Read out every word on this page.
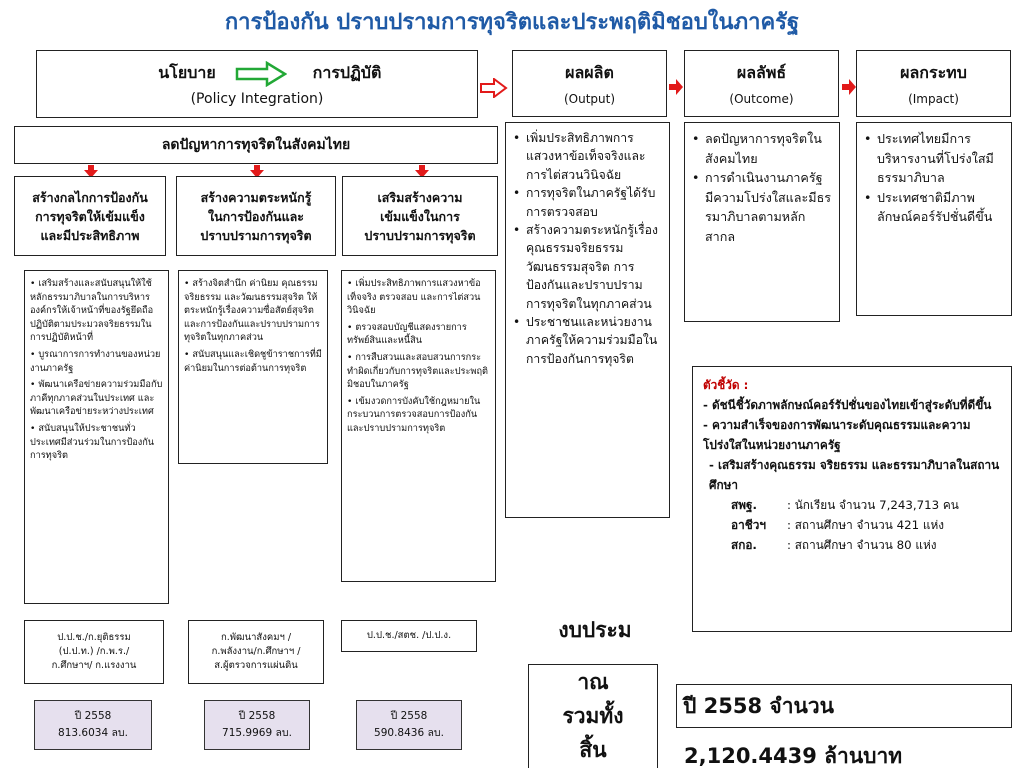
การป้องกัน ปราบปรามการทุจริตและประพฤติมิชอบในภาครัฐ
นโยบาย	การปฏิบัติ
(Policy Integration)
ผลผลิต
(Output)
ผลลัพธ์
(Outcome)
ผลกระทบ
(Impact)
ลดปัญหาการทุจริตในสังคมไทย
สร้างกลไกการป้องกัน
การทุจริตให้เข้มแข็ง
และมีประสิทธิภาพ
สร้างความตระหนักรู้
ในการป้องกันและ
ปราบปรามการทุจริต
เสริมสร้างความ
เข้มแข็งในการ
ปราบปรามการทุจริต
• เสริมสร้างและสนับสนุนให้ใช้หลักธรรมาภิบาลในการบริหารองค์กรให้เจ้าหน้าที่ของรัฐยึดถือปฏิบัติตามประมวลจริยธรรมในการปฏิบัติหน้าที่
• บูรณาการการทำงานของหน่วยงานภาครัฐ
• พัฒนาเครือข่ายความร่วมมือกับภาคีทุกภาคส่วนในประเทศ และพัฒนาเครือข่ายระหว่างประเทศ
• สนับสนุนให้ประชาชนทั่วประเทศมีส่วนร่วมในการป้องกันการทุจริต
• สร้างจิตสำนึก ค่านิยม คุณธรรม จริยธรรม และวัฒนธรรมสุจริต ให้ตระหนักรู้เรื่องความซื่อสัตย์สุจริตและการป้องกันและปราบปรามการทุจริตในทุกภาคส่วน
• สนับสนุนและเชิดชูข้าราชการที่มีค่านิยมในการต่อต้านการทุจริต
• เพิ่มประสิทธิภาพการแสวงหาข้อเท็จจริง ตรวจสอบ และการไต่สวนวินิจฉัย
• ตรวจสอบบัญชีแสดงรายการทรัพย์สินและหนี้สิน
• การสืบสวนและสอบสวนการกระทำผิดเกี่ยวกับการทุจริตและประพฤติมิชอบในภาครัฐ
• เข้มงวดการบังคับใช้กฎหมายในกระบวนการตรวจสอบการป้องกันและปราบปรามการทุจริต
ป.ป.ช./ก.ยุติธรรม
(ป.ป.ท.) /ก.พ.ร./
ก.ศึกษาฯ/ ก.แรงงาน
ก.พัฒนาสังคมฯ /
ก.พลังงาน/ก.ศึกษาฯ /
ส.ผู้ตรวจการแผ่นดิน
ป.ป.ช./สตช. /ป.ป.ง.
ปี 2558
813.6034 ลบ.
ปี 2558
715.9969 ลบ.
ปี 2558
590.8436 ลบ.
• เพิ่มประสิทธิภาพการแสวงหาข้อเท็จจริงและการไต่สวนวินิจฉัย
• การทุจริตในภาครัฐได้รับการตรวจสอบ
• สร้างความตระหนักรู้เรื่องคุณธรรมจริยธรรม วัฒนธรรมสุจริต การป้องกันและปราบปรามการทุจริตในทุกภาคส่วน
• ประชาชนและหน่วยงานภาครัฐให้ความร่วมมือในการป้องกันการทุจริต
• ลดปัญหาการทุจริตในสังคมไทย
• การดำเนินงานภาครัฐ มีความโปร่งใสและมีธรรมาภิบาลตามหลักสากล
• ประเทศไทยมีการบริหารงานที่โปร่งใสมีธรรมาภิบาล
• ประเทศชาติมีภาพลักษณ์คอร์รัปชั่นดีขึ้น
ตัวชี้วัด :
- ดัชนีชี้วัดภาพลักษณ์คอร์รัปชั่นของไทยเข้าสู่ระดับที่ดีขึ้น
- ความสำเร็จของการพัฒนาระดับคุณธรรมและความโปร่งใสในหน่วยงานภาครัฐ
- เสริมสร้างคุณธรรม จริยธรรม และธรรมาภิบาลในสถานศึกษา
สพฐ.	: นักเรียน จำนวน 7,243,713 คน
อาชีวฯ	: สถานศึกษา จำนวน 421 แห่ง
สกอ.	: สถานศึกษา จำนวน 80 แห่ง
งบประม
าณ
รวมทั้ง
สิ้น
ปี 2558 จำนวน
2,120.4439 ล้านบาท
